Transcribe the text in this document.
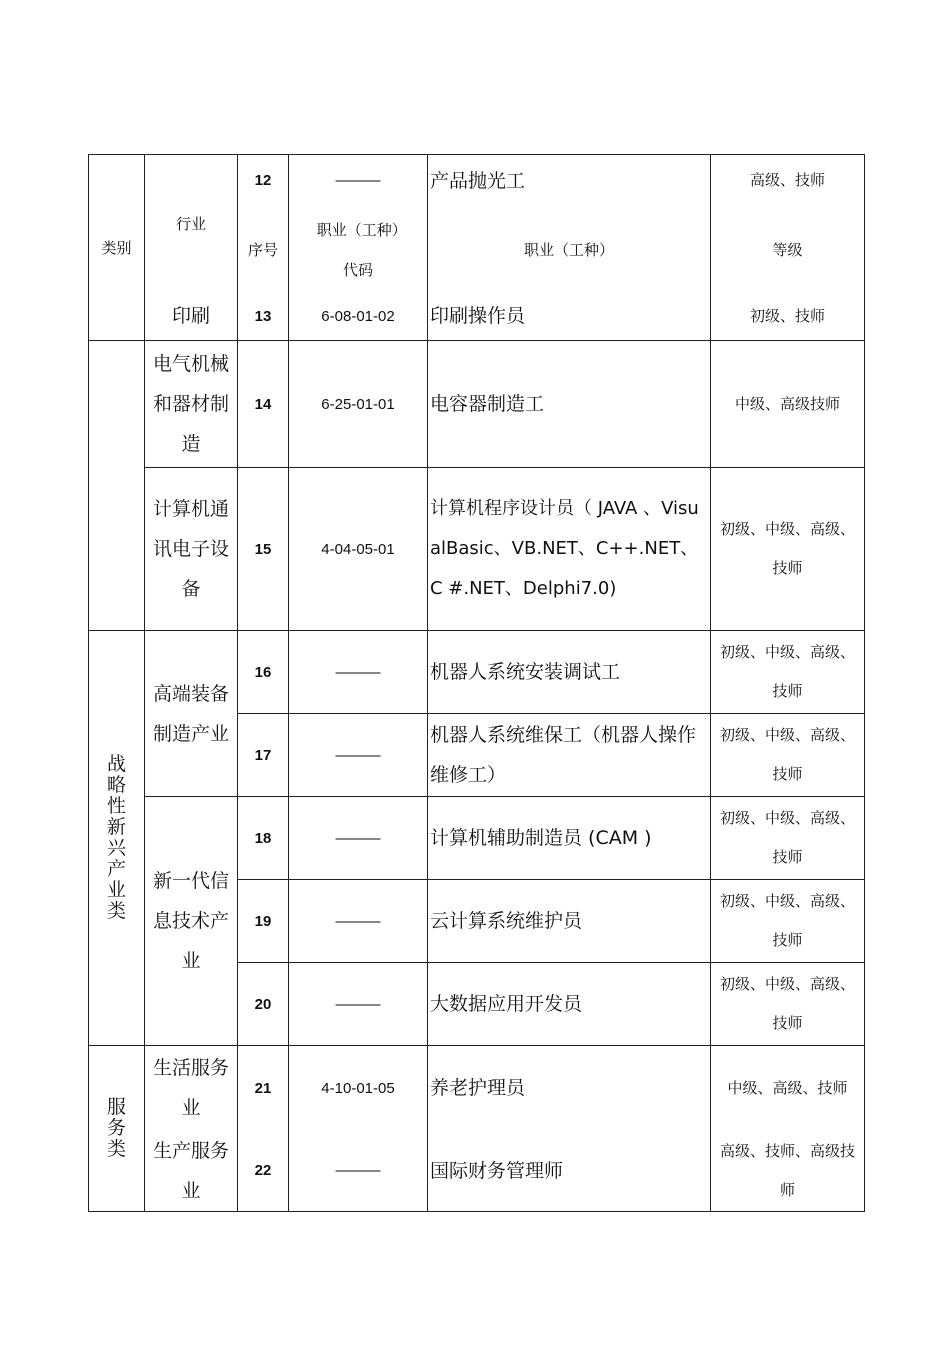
类别	行业	12	———	产品抛光工	高级、技师
		序号	职业（工种）代码	职业（工种）	等级
	印刷	13	6-08-01-02	印刷操作员	初级、技师

	电气机械和器材制造	14	6-25-01-01	电容器制造工	中级、高级技师

	计算机通讯电子设备	15	4-04-05-01	计算机程序设计员（ JAVA 、VisualBasic、VB.NET、C++.NET、C #.NET、Delphi7.0)	初级、中级、高级、技师
战略性新兴产业类	高端装备制造产业	16	———	机器人系统安装调试工	初级、中级、高级、技师
		17	———	机器人系统维保工（机器人操作维修工）	初级、中级、高级、技师

	新一代信息技术产业	18	———	计算机辅助制造员 (CAM )	初级、中级、高级、技师
		19	———	云计算系统维护员	初级、中级、高级、技师
		20	———	大数据应用开发员	初级、中级、高级、技师
服务类	生活服务业	21	4-10-01-05	养老护理员	中级、高级、技师

	生产服务业	22	———	国际财务管理师	高级、技师、高级技师
